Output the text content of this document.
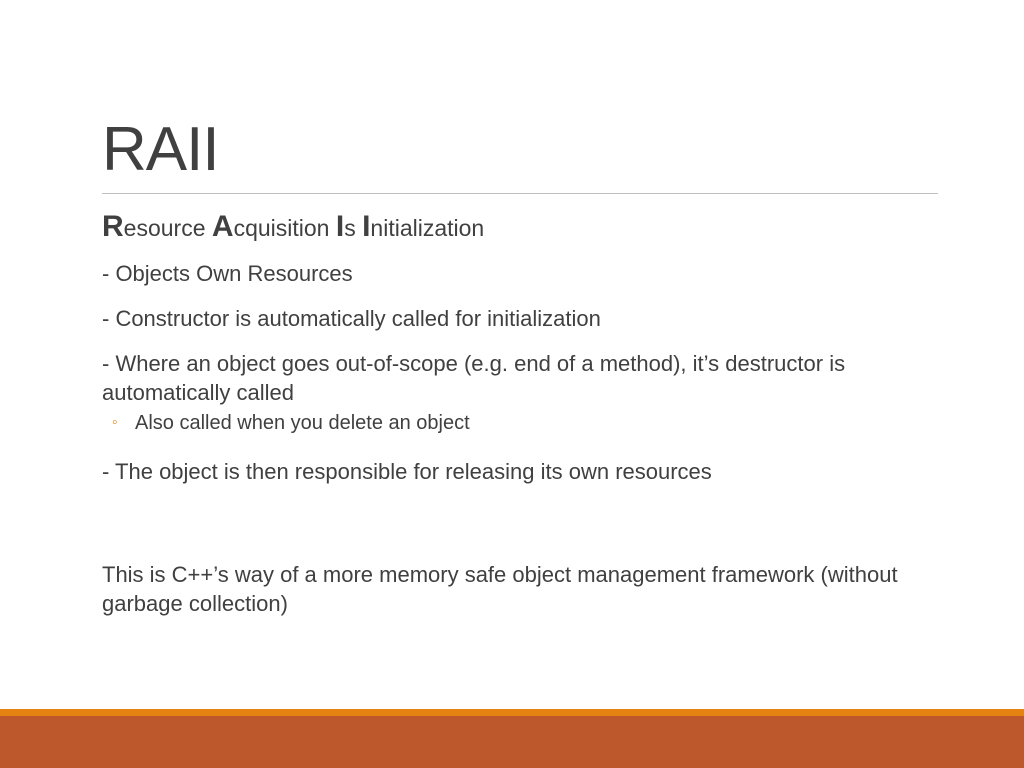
RAII
Resource Acquisition Is Initialization
- Objects Own Resources
- Constructor is automatically called for initialization
- Where an object goes out-of-scope (e.g. end of a method), it’s destructor is automatically called
◦ Also called when you delete an object
- The object is then responsible for releasing its own resources
This is C++’s way of a more memory safe object management framework (without garbage collection)
